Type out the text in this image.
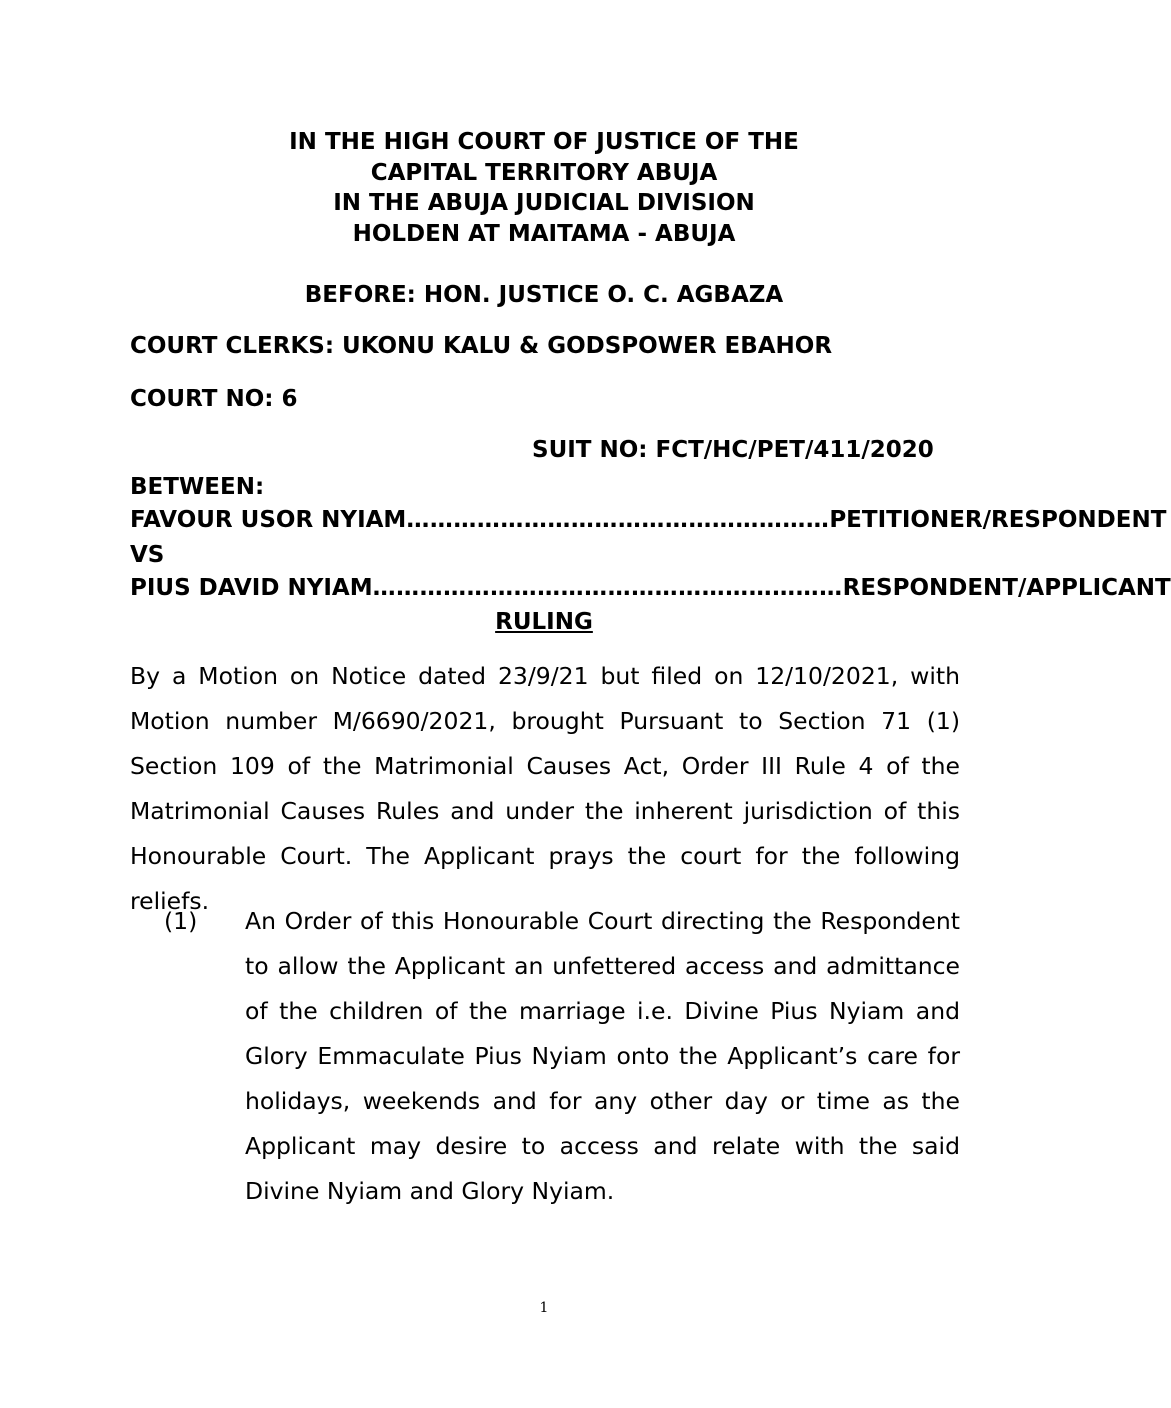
IN THE HIGH COURT OF JUSTICE OF THE
CAPITAL TERRITORY ABUJA
IN THE ABUJA JUDICIAL DIVISION
HOLDEN AT MAITAMA - ABUJA
BEFORE: HON. JUSTICE O. C. AGBAZA
COURT CLERKS: UKONU KALU & GODSPOWER EBAHOR
COURT NO: 6
SUIT NO: FCT/HC/PET/411/2020
BETWEEN:
FAVOUR USOR NYIAM ……………………………………………… PETITIONER/RESPONDENT
VS
PIUS DAVID NYIAM …………………………………………………… RESPONDENT/APPLICANT
RULING

By a Motion on Notice dated 23/9/21 but filed on 12/10/2021, with Motion number M/6690/2021, brought Pursuant to Section 71 (1) Section 109 of the Matrimonial Causes Act, Order III Rule 4 of the Matrimonial Causes Rules and under the inherent jurisdiction of this Honourable Court. The Applicant prays the court for the following reliefs.

(1) An Order of this Honourable Court directing the Respondent to allow the Applicant an unfettered access and admittance of the children of the marriage i.e. Divine Pius Nyiam and Glory Emmaculate Pius Nyiam onto the Applicant’s care for holidays, weekends and for any other day or time as the Applicant may desire to access and relate with the said Divine Nyiam and Glory Nyiam.

1
